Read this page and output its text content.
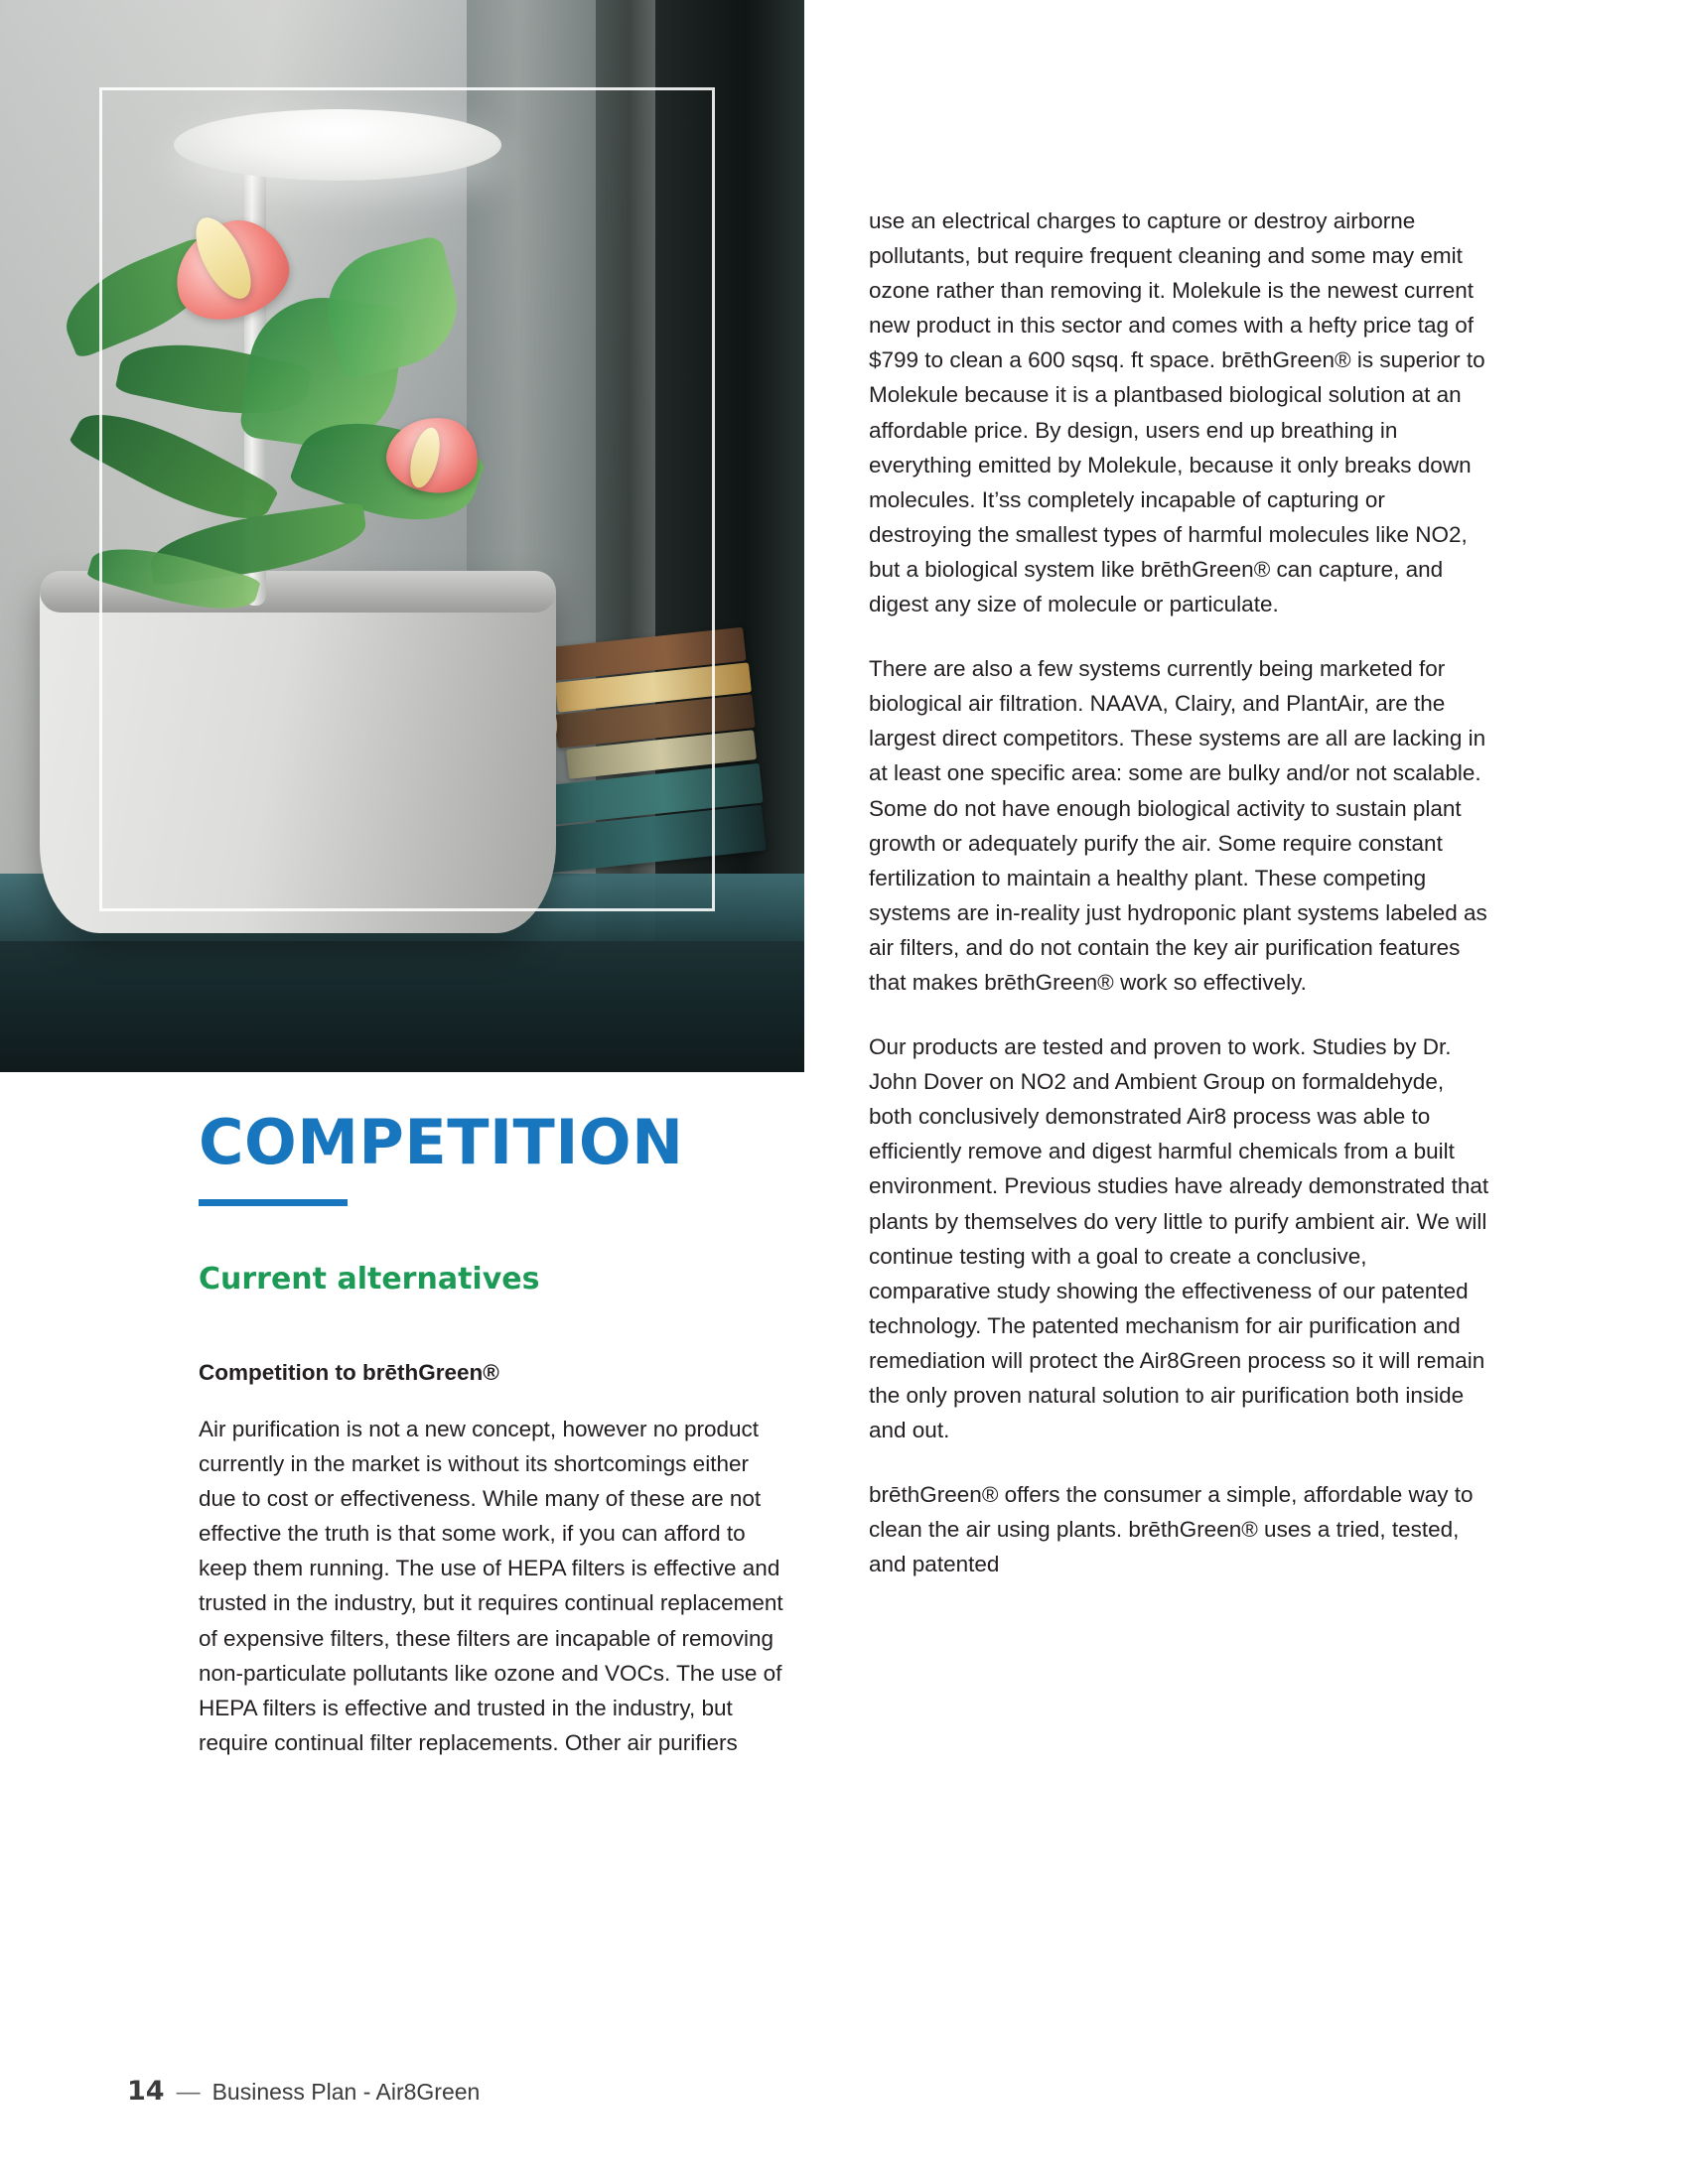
COMPETITION
Current alternatives
Competition to brēthGreen®

Air purification is not a new concept, however no product currently in the market is without its shortcomings either due to cost or effectiveness. While many of these are not effective the truth is that some work, if you can afford to keep them running. The use of HEPA filters is effective and trusted in the industry, but it requires continual replacement of expensive filters, these filters are incapable of removing non-particulate pollutants like ozone and VOCs. The use of HEPA filters is effective and trusted in the industry, but require continual filter replacements. Other air purifiers

use an electrical charges to capture or destroy airborne pollutants, but require frequent cleaning and some may emit ozone rather than removing it. Molekule is the newest current new product in this sector and comes with a hefty price tag of $799 to clean a 600 sqsq. ft space. brēthGreen® is superior to Molekule because it is a plantbased biological solution at an affordable price. By design, users end up breathing in everything emitted by Molekule, because it only breaks down molecules. It’ss completely incapable of capturing or destroying the smallest types of harmful molecules like NO2, but a biological system like brēthGreen® can capture, and digest any size of molecule or particulate.

There are also a few systems currently being marketed for biological air filtration. NAAVA, Clairy, and PlantAir, are the largest direct competitors. These systems are all are lacking in at least one specific area: some are bulky and/or not scalable. Some do not have enough biological activity to sustain plant growth or adequately purify the air. Some require constant fertilization to maintain a healthy plant. These competing systems are in-reality just hydroponic plant systems labeled as air filters, and do not contain the key air purification features that makes brēthGreen® work so effectively.

Our products are tested and proven to work. Studies by Dr. John Dover on NO2 and Ambient Group on formaldehyde, both conclusively demonstrated Air8 process was able to efficiently remove and digest harmful chemicals from a built environment. Previous studies have already demonstrated that plants by themselves do very little to purify ambient air. We will continue testing with a goal to create a conclusive, comparative study showing the effectiveness of our patented technology. The patented mechanism for air purification and remediation will protect the Air8Green process so it will remain the only proven natural solution to air purification both inside and out.

brēthGreen® offers the consumer a simple, affordable way to clean the air using plants. brēthGreen® uses a tried, tested, and patented

14 — Business Plan - Air8Green
